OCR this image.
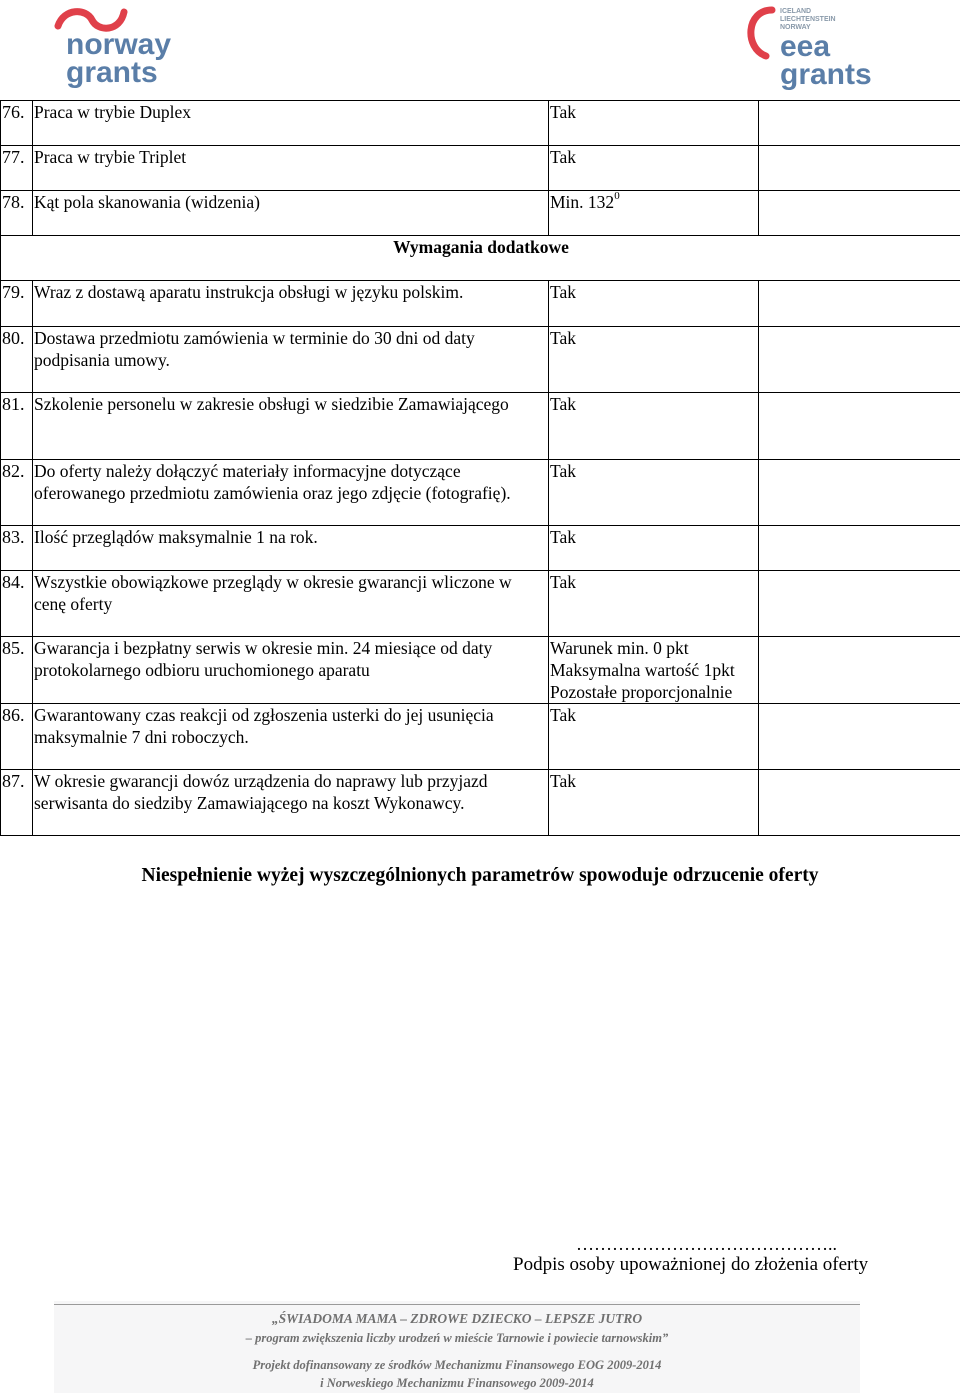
norway
grants
ICELAND
LIECHTENSTEIN
NORWAY
eea
grants
76.	Praca w trybie Duplex	Tak	
77.	Praca w trybie Triplet	Tak	
78.	Kąt pola skanowania (widzenia)	Min. $132^0$	
Wymagania dodatkowe			
79.	Wraz z dostawą aparatu instrukcja obsługi w języku polskim.	Tak	
80.	Dostawa przedmiotu zamówienia w terminie do 30 dni od daty podpisania umowy.	Tak	
81.	Szkolenie personelu w zakresie obsługi w siedzibie Zamawiającego	Tak	
82.	Do oferty należy dołączyć materiały informacyjne dotyczące oferowanego przedmiotu zamówienia oraz jego zdjęcie (fotografię).	Tak	
83.	Ilość przeglądów maksymalnie 1 na rok.	Tak	
84.	Wszystkie obowiązkowe przeglądy w okresie gwarancji wliczone w cenę oferty	Tak	
85.	Gwarancja i bezpłatny serwis w okresie min. 24 miesiące od daty protokolarnego odbioru uruchomionego aparatu	Warunek min. 0 pkt
Maksymalna wartość 1pkt
Pozostałe proporcjonalnie	

86.	Gwarantowany czas reakcji od zgłoszenia usterki do jej usunięcia maksymalnie 7 dni roboczych.	Tak	
87.	W okresie gwarancji dowóz urządzenia do naprawy lub przyjazd serwisanta do siedziby Zamawiającego na koszt Wykonawcy.	Tak	
Niespełnienie wyżej wyszczególnionych parametrów spowoduje odrzucenie oferty
……………………………………..
Podpis osoby upoważnionej do złożenia oferty
„ŚWIADOMA MAMA – ZDROWE DZIECKO – LEPSZE JUTRO
– program zwiększenia liczby urodzeń w mieście Tarnowie i powiecie tarnowskim”
Projekt dofinansowany ze środków Mechanizmu Finansowego EOG 2009-2014
i Norweskiego Mechanizmu Finansowego 2009-2014
